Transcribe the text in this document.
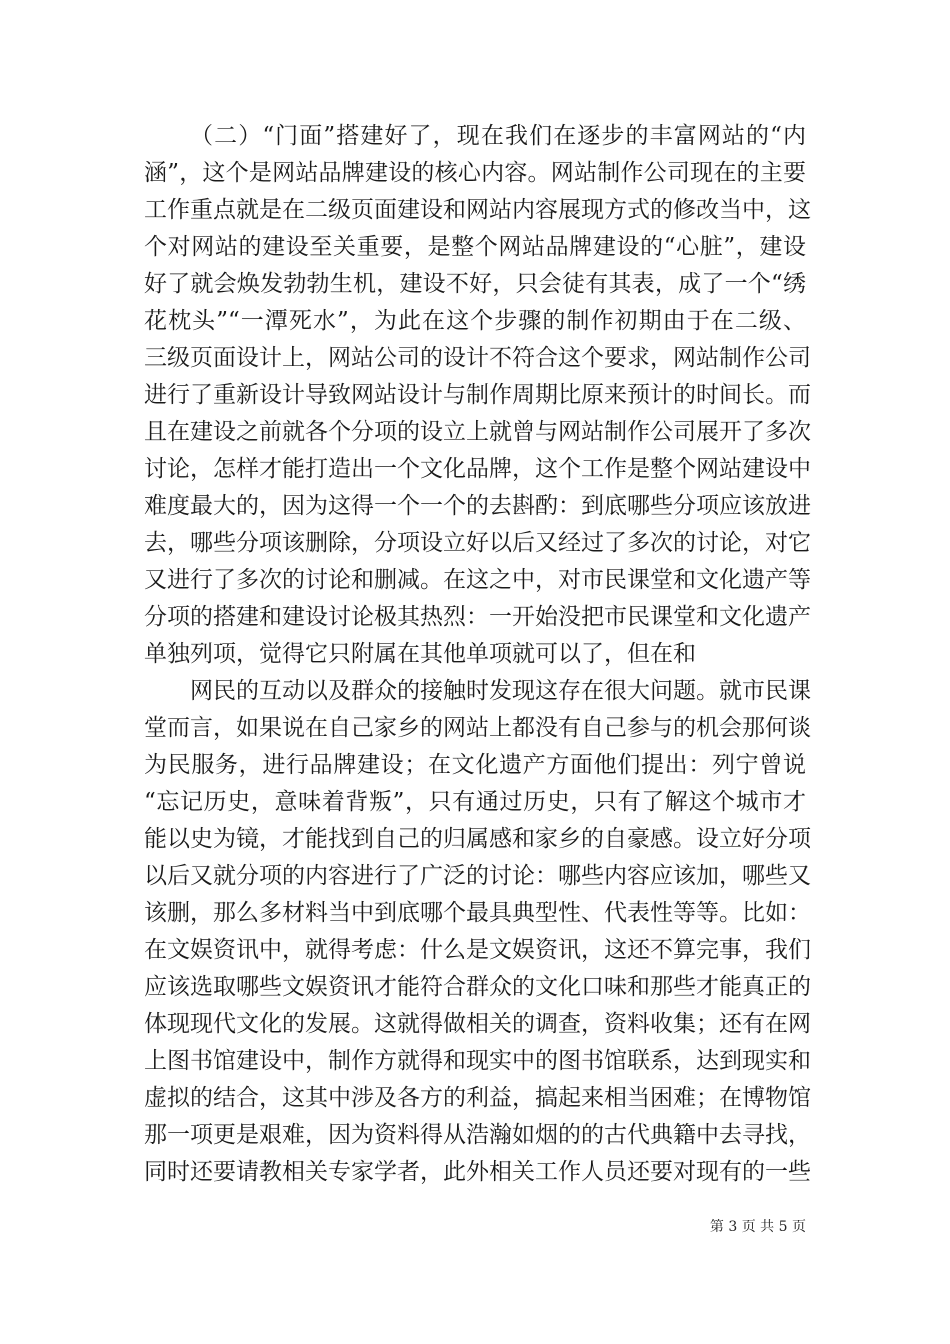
（二）“门面”搭建好了，现在我们在逐步的丰富网站的“内
涵”，这个是网站品牌建设的核心内容。网站制作公司现在的主要
工作重点就是在二级页面建设和网站内容展现方式的修改当中，这
个对网站的建设至关重要，是整个网站品牌建设的“心脏”，建设
好了就会焕发勃勃生机，建设不好，只会徒有其表，成了一个“绣
花枕头”“一潭死水”，为此在这个步骤的制作初期由于在二级、
三级页面设计上，网站公司的设计不符合这个要求，网站制作公司
进行了重新设计导致网站设计与制作周期比原来预计的时间长。而
且在建设之前就各个分项的设立上就曾与网站制作公司展开了多次
讨论，怎样才能打造出一个文化品牌，这个工作是整个网站建设中
难度最大的，因为这得一个一个的去斟酌：到底哪些分项应该放进
去，哪些分项该删除，分项设立好以后又经过了多次的讨论，对它
又进行了多次的讨论和删减。在这之中，对市民课堂和文化遗产等
分项的搭建和建设讨论极其热烈：一开始没把市民课堂和文化遗产
单独列项，觉得它只附属在其他单项就可以了，但在和
网民的互动以及群众的接触时发现这存在很大问题。就市民课
堂而言，如果说在自己家乡的网站上都没有自己参与的机会那何谈
为民服务，进行品牌建设；在文化遗产方面他们提出：列宁曾说
“忘记历史，意味着背叛”，只有通过历史，只有了解这个城市才
能以史为镜，才能找到自己的归属感和家乡的自豪感。设立好分项
以后又就分项的内容进行了广泛的讨论：哪些内容应该加，哪些又
该删，那么多材料当中到底哪个最具典型性、代表性等等。比如：
在文娱资讯中，就得考虑：什么是文娱资讯，这还不算完事，我们
应该选取哪些文娱资讯才能符合群众的文化口味和那些才能真正的
体现现代文化的发展。这就得做相关的调查，资料收集；还有在网
上图书馆建设中，制作方就得和现实中的图书馆联系，达到现实和
虚拟的结合，这其中涉及各方的利益，搞起来相当困难；在博物馆
那一项更是艰难，因为资料得从浩瀚如烟的的古代典籍中去寻找，
同时还要请教相关专家学者，此外相关工作人员还要对现有的一些
第 3 页 共 5 页
